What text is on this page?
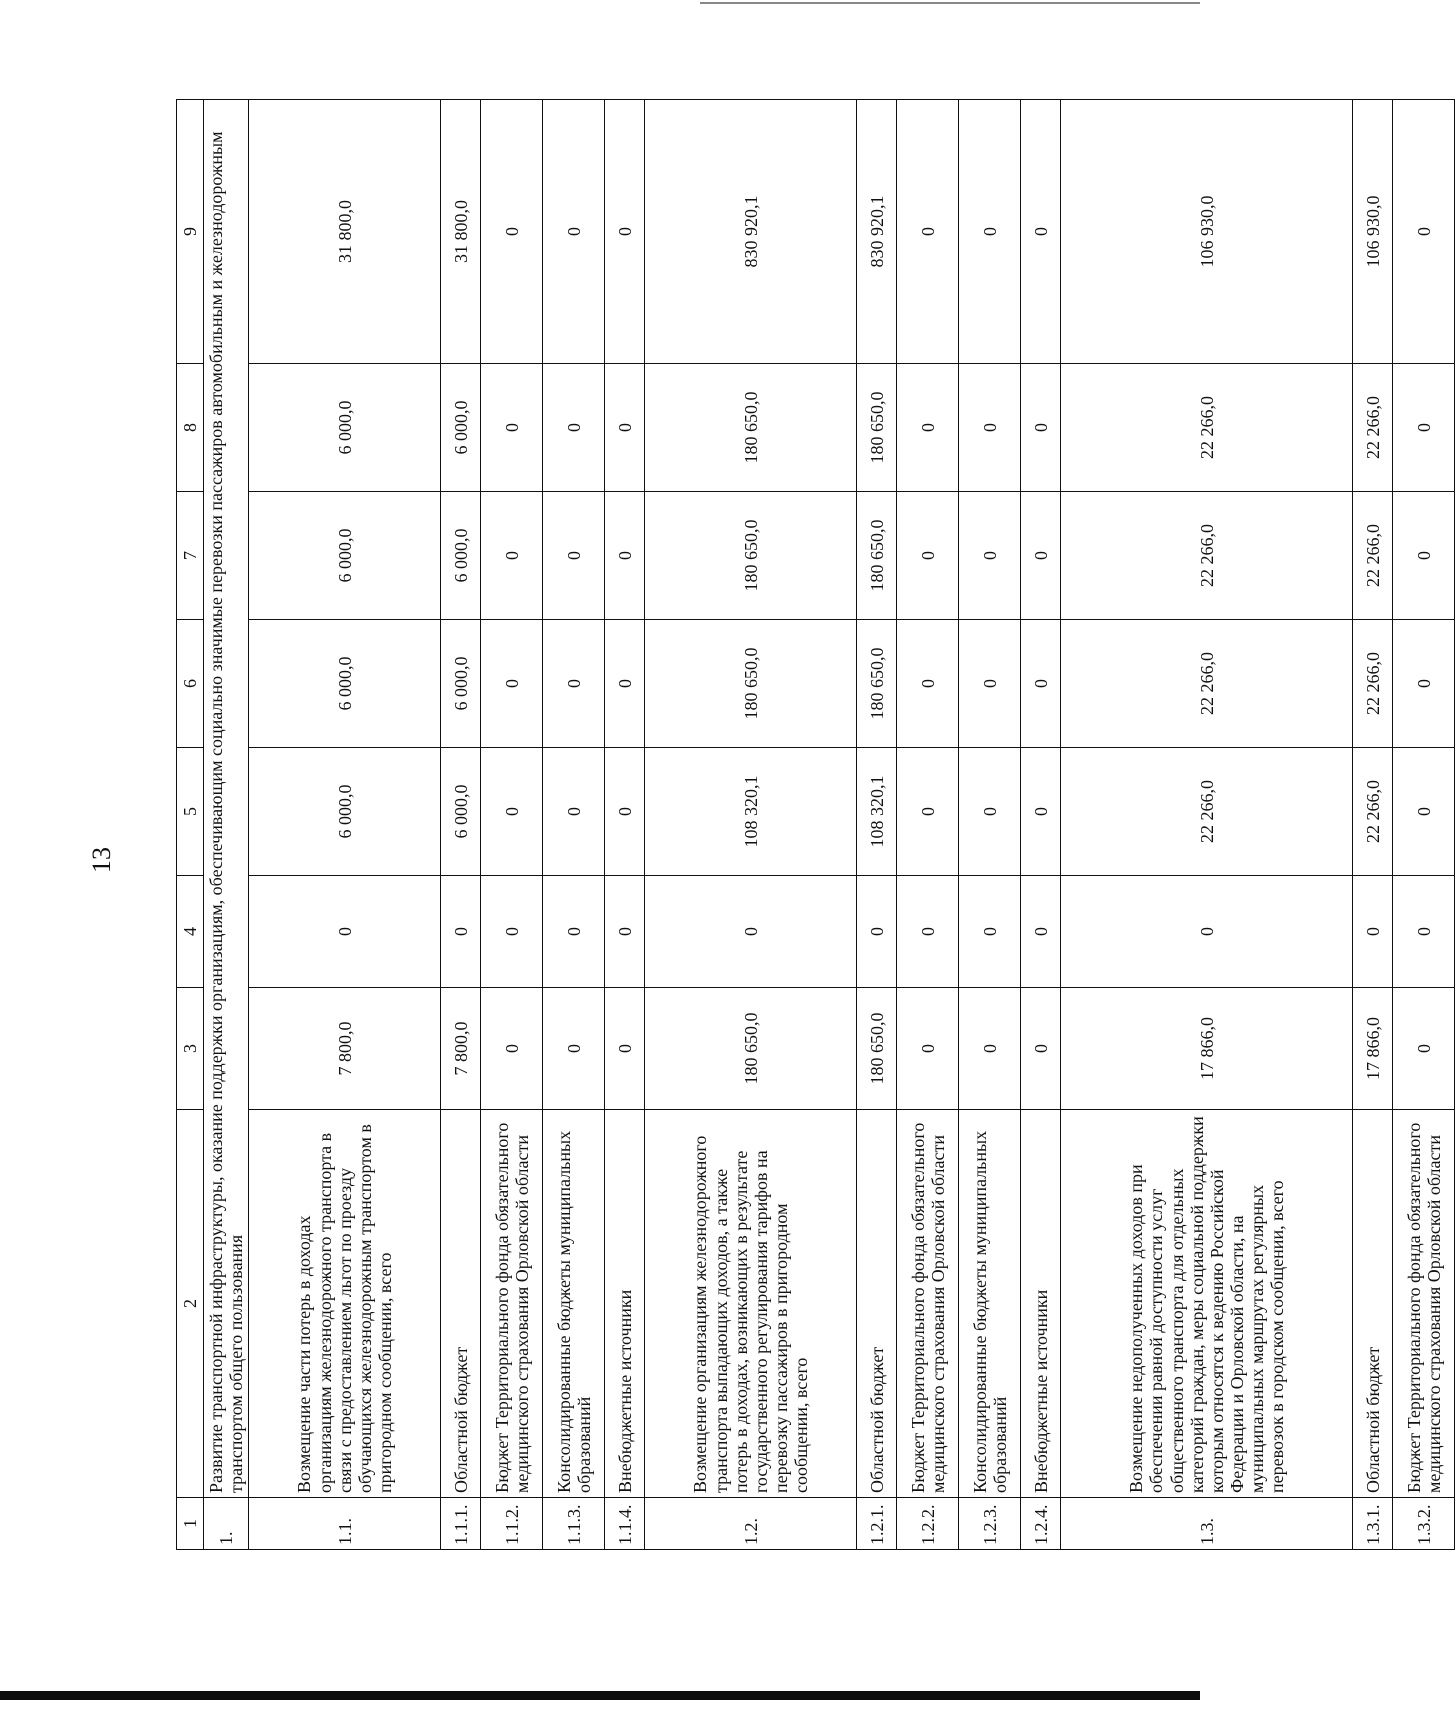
13
1	2	3	4	5	6	7	8	9
1.	Развитие транспортной инфраструктуры, оказание поддержки организациям, обеспечивающим социально значимые перевозки пассажиров автомобильным и железнодорожным транспортом общего пользования							
1.1.	Возмещение части потерь в доходах организациям железнодорожного транспорта в связи с предоставлением льгот по проезду обучающихся железнодорожным транспортом в пригородном сообщении, всего	7 800,0	0	6 000,0	6 000,0	6 000,0	6 000,0	31 800,0
1.1.1.	Областной бюджет	7 800,0	0	6 000,0	6 000,0	6 000,0	6 000,0	31 800,0
1.1.2.	Бюджет Территориального фонда обязательного медицинского страхования Орловской области	0	0	0	0	0	0	0
1.1.3.	Консолидированные бюджеты муниципальных образований	0	0	0	0	0	0	0
1.1.4.	Внебюджетные источники	0	0	0	0	0	0	0
1.2.	Возмещение организациям железнодорожного транспорта выпадающих доходов, а также потерь в доходах, возникающих в результате государственного регулирования тарифов на перевозку пассажиров в пригородном сообщении, всего	180 650,0	0	108 320,1	180 650,0	180 650,0	180 650,0	830 920,1
1.2.1.	Областной бюджет	180 650,0	0	108 320,1	180 650,0	180 650,0	180 650,0	830 920,1
1.2.2.	Бюджет Территориального фонда обязательного медицинского страхования Орловской области	0	0	0	0	0	0	0
1.2.3.	Консолидированные бюджеты муниципальных образований	0	0	0	0	0	0	0
1.2.4.	Внебюджетные источники	0	0	0	0	0	0	0
1.3.	Возмещение недополученных доходов при обеспечении равной доступности услуг общественного транспорта для отдельных категорий граждан, меры социальной поддержки которым относятся к ведению Российской Федерации и Орловской области, на муниципальных маршрутах регулярных перевозок в городском сообщении, всего	17 866,0	0	22 266,0	22 266,0	22 266,0	22 266,0	106 930,0
1.3.1.	Областной бюджет	17 866,0	0	22 266,0	22 266,0	22 266,0	22 266,0	106 930,0
1.3.2.	Бюджет Территориального фонда обязательного медицинского страхования Орловской области	0	0	0	0	0	0	0
